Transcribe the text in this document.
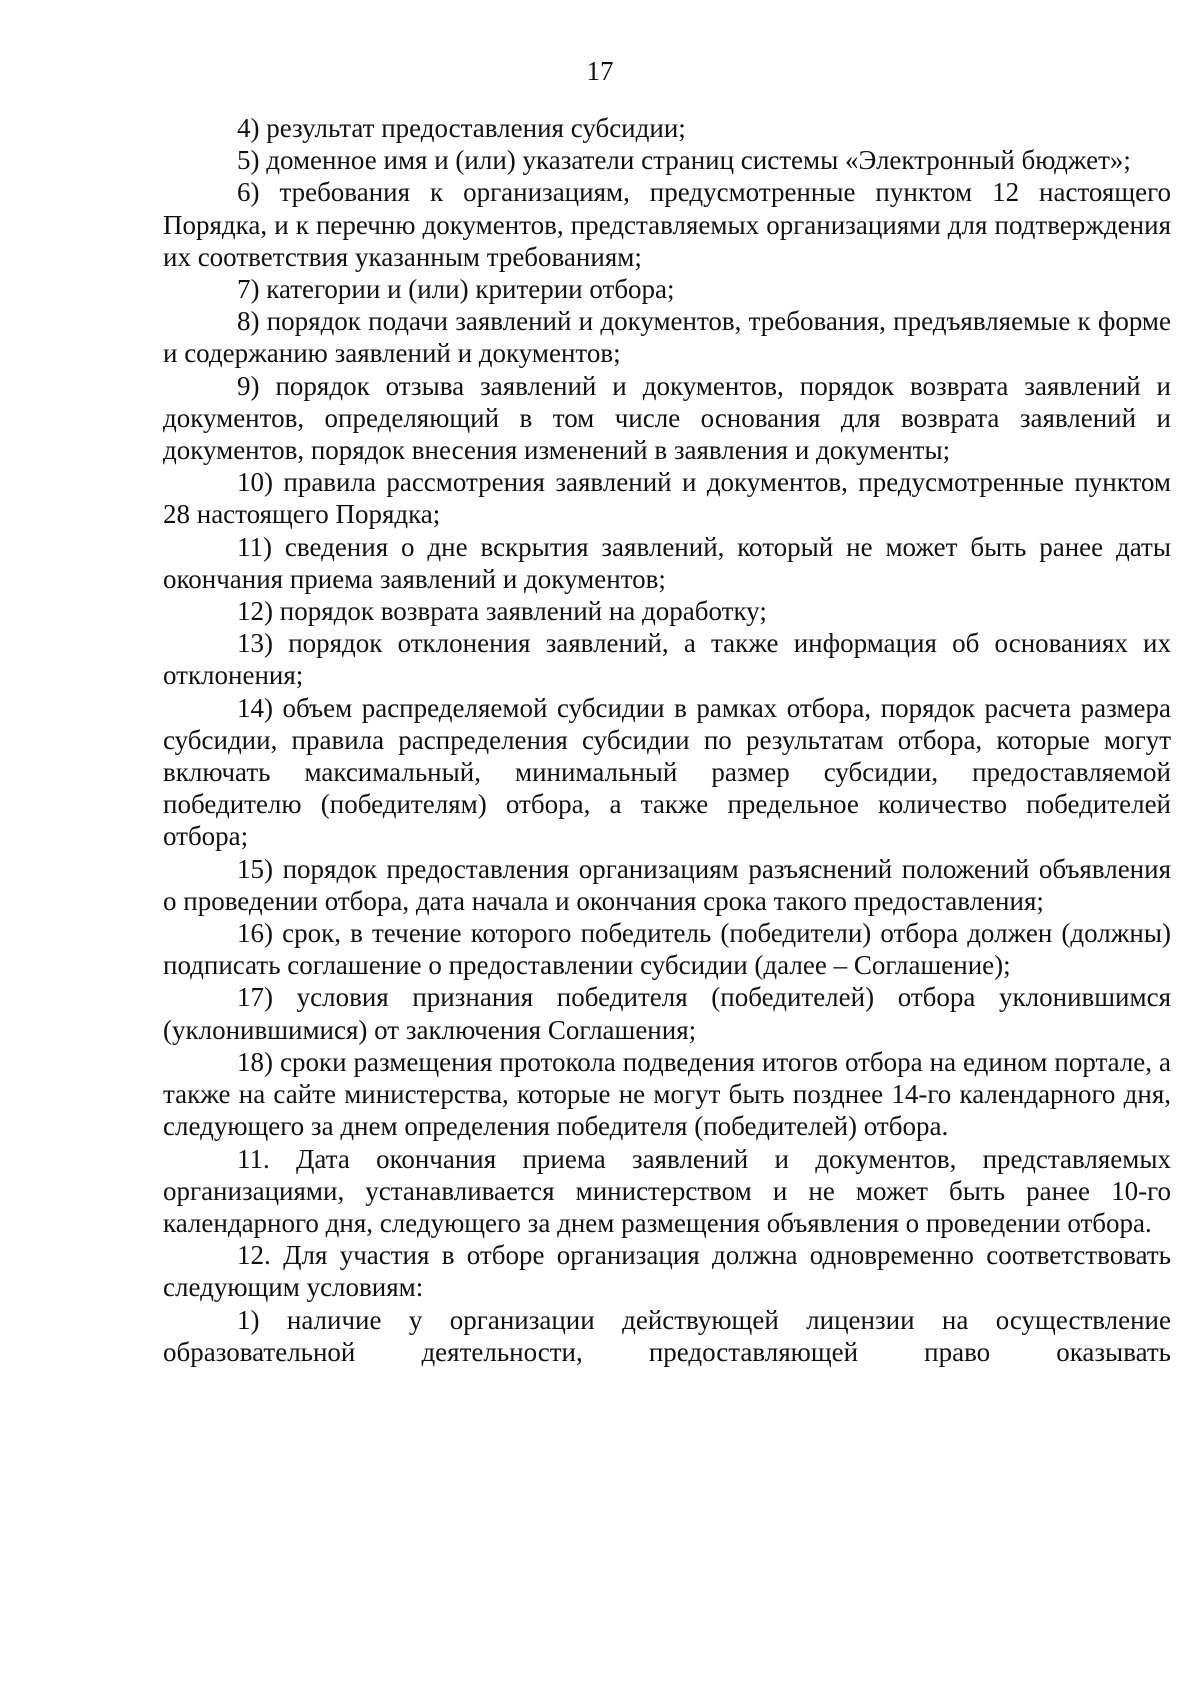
17

4) результат предоставления субсидии;

5) доменное имя и (или) указатели страниц системы «Электронный бюджет»;

6) требования к организациям, предусмотренные пунктом 12 настоящего Порядка, и к перечню документов, представляемых организациями для подтверждения их соответствия указанным требованиям;

7) категории и (или) критерии отбора;

8) порядок подачи заявлений и документов, требования, предъявляемые к форме и содержанию заявлений и документов;

9) порядок отзыва заявлений и документов, порядок возврата заявлений и документов, определяющий в том числе основания для возврата заявлений и документов, порядок внесения изменений в заявления и документы;

10) правила рассмотрения заявлений и документов, предусмотренные пунктом 28 настоящего Порядка;

11) сведения о дне вскрытия заявлений, который не может быть ранее даты окончания приема заявлений и документов;

12) порядок возврата заявлений на доработку;

13) порядок отклонения заявлений, а также информация об основаниях их отклонения;

14) объем распределяемой субсидии в рамках отбора, порядок расчета размера субсидии, правила распределения субсидии по результатам отбора, которые могут включать максимальный, минимальный размер субсидии, предоставляемой победителю (победителям) отбора, а также предельное количество победителей отбора;

15) порядок предоставления организациям разъяснений положений объявления о проведении отбора, дата начала и окончания срока такого предоставления;

16) срок, в течение которого победитель (победители) отбора должен (должны) подписать соглашение о предоставлении субсидии (далее – Соглашение);

17) условия признания победителя (победителей) отбора уклонившимся (уклонившимися) от заключения Соглашения;

18) сроки размещения протокола подведения итогов отбора на едином портале, а также на сайте министерства, которые не могут быть позднее 14-го календарного дня, следующего за днем определения победителя (победителей) отбора.

11. Дата окончания приема заявлений и документов, представляемых организациями, устанавливается министерством и не может быть ранее 10-го календарного дня, следующего за днем размещения объявления о проведении отбора.

12. Для участия в отборе организация должна одновременно соответствовать следующим условиям:

1) наличие у организации действующей лицензии на осуществление образовательной деятельности, предоставляющей право оказывать
